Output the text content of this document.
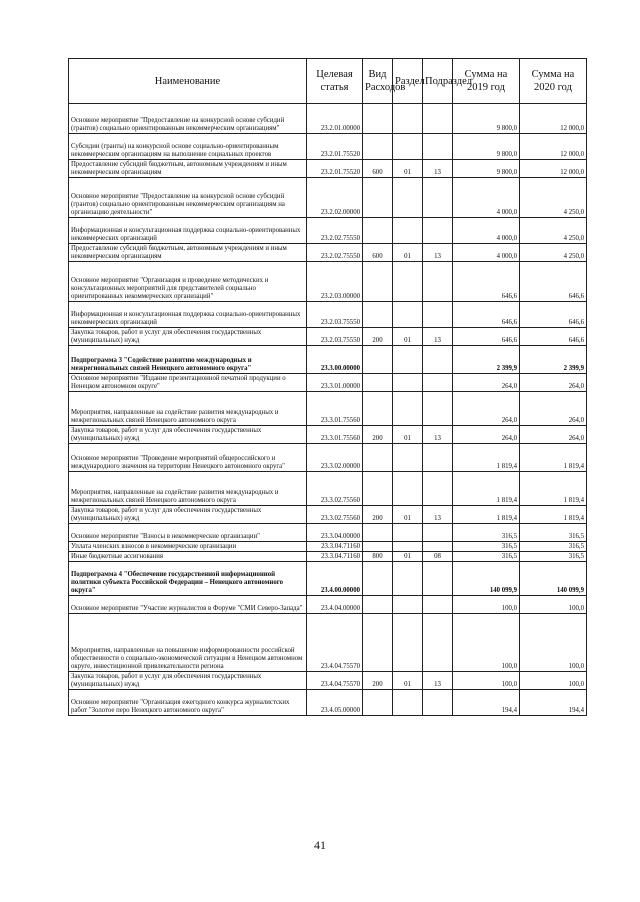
Наименование	Целевая статья	Вид Расходов	Раздел	Подраздел	Сумма на 2019 год	Сумма на 2020 год
Основное мероприятие "Предоставление на конкурсной основе субсидий (грантов) социально ориентированным некоммерческим организациям"	23.2.01.00000				9 800,0	12 000,0
Субсидии (гранты) на конкурсной основе социально-ориентированным некоммерческим организациям на выполнение социальных проектов	23.2.01.75520				9 800,0	12 000,0
Предоставление субсидий бюджетным, автономным учреждениям и иным некоммерческим организациям	23.2.01.75520	600	01	13	9 800,0	12 000,0
Основное мероприятие "Предоставление на конкурсной основе субсидий (грантов) социально ориентированным некоммерческим организациям на организацию деятельности"	23.2.02.00000				4 000,0	4 250,0
Информационная и консультационная поддержка социально-ориентированных некоммерческих организаций	23.2.02.75550				4 000,0	4 250,0
Предоставление субсидий бюджетным, автономным учреждениям и иным некоммерческим организациям	23.2.02.75550	600	01	13	4 000,0	4 250,0
Основное мероприятие "Организация и проведение методических и консультационных мероприятий для представителей социально ориентированных некоммерческих организаций"	23.2.03.00000				646,6	646,6
Информационная и консультационная поддержка социально-ориентированных некоммерческих организаций	23.2.03.75550				646,6	646,6
Закупка товаров, работ и услуг для обеспечения государственных (муниципальных) нужд	23.2.03.75550	200	01	13	646,6	646,6
Подпрограмма 3 "Содействие развитию международных и межрегиональных связей Ненецкого автономного округа"	23.3.00.00000				2 399,9	2 399,9
Основное мероприятие "Издание презентационной печатной продукции о Ненецком автономном округе"	23.3.01.00000				264,0	264,0
Мероприятия, направленные на содействие развития международных и межрегиональных связей Ненецкого автономного округа	23.3.01.75560				264,0	264,0
Закупка товаров, работ и услуг для обеспечения государственных (муниципальных) нужд	23.3.01.75560	200	01	13	264,0	264,0
Основное мероприятие "Проведение мероприятий общероссийского и международного значения на территории Ненецкого автономного округа"	23.3.02.00000				1 819,4	1 819,4
Мероприятия, направленные на содействие развития международных и межрегиональных связей Ненецкого автономного округа	23.3.02.75560				1 819,4	1 819,4
Закупка товаров, работ и услуг для обеспечения государственных (муниципальных) нужд	23.3.02.75560	200	01	13	1 819,4	1 819,4
Основное мероприятие "Взносы в некоммерческие организации"	23.3.04.00000				316,5	316,5
Уплата членских взносов в некоммерческие организации	23.3.04.71160				316,5	316,5
Иные бюджетные ассигнования	23.3.04.71160	800	01	08	316,5	316,5
Подпрограмма 4 "Обеспечение государственной информационной политики субъекта Российской Федерации – Ненецкого автономного округа"	23.4.00.00000				140 099,9	140 099,9
Основное мероприятие "Участие журналистов в Форуме "СМИ Северо-Запада"	23.4.04.00000				100,0	100,0
Мероприятия, направленные на повышение информированности российской общественности о социально-экономической ситуации в Ненецком автономном округе, инвестиционной привлекательности региона	23.4.04.75570				100,0	100,0
Закупка товаров, работ и услуг для обеспечения государственных (муниципальных) нужд	23.4.04.75570	200	01	13	100,0	100,0
Основное мероприятие "Организация ежегодного конкурса журналистских работ "Золотое перо Ненецкого автономного округа"	23.4.05.00000				194,4	194,4
41
